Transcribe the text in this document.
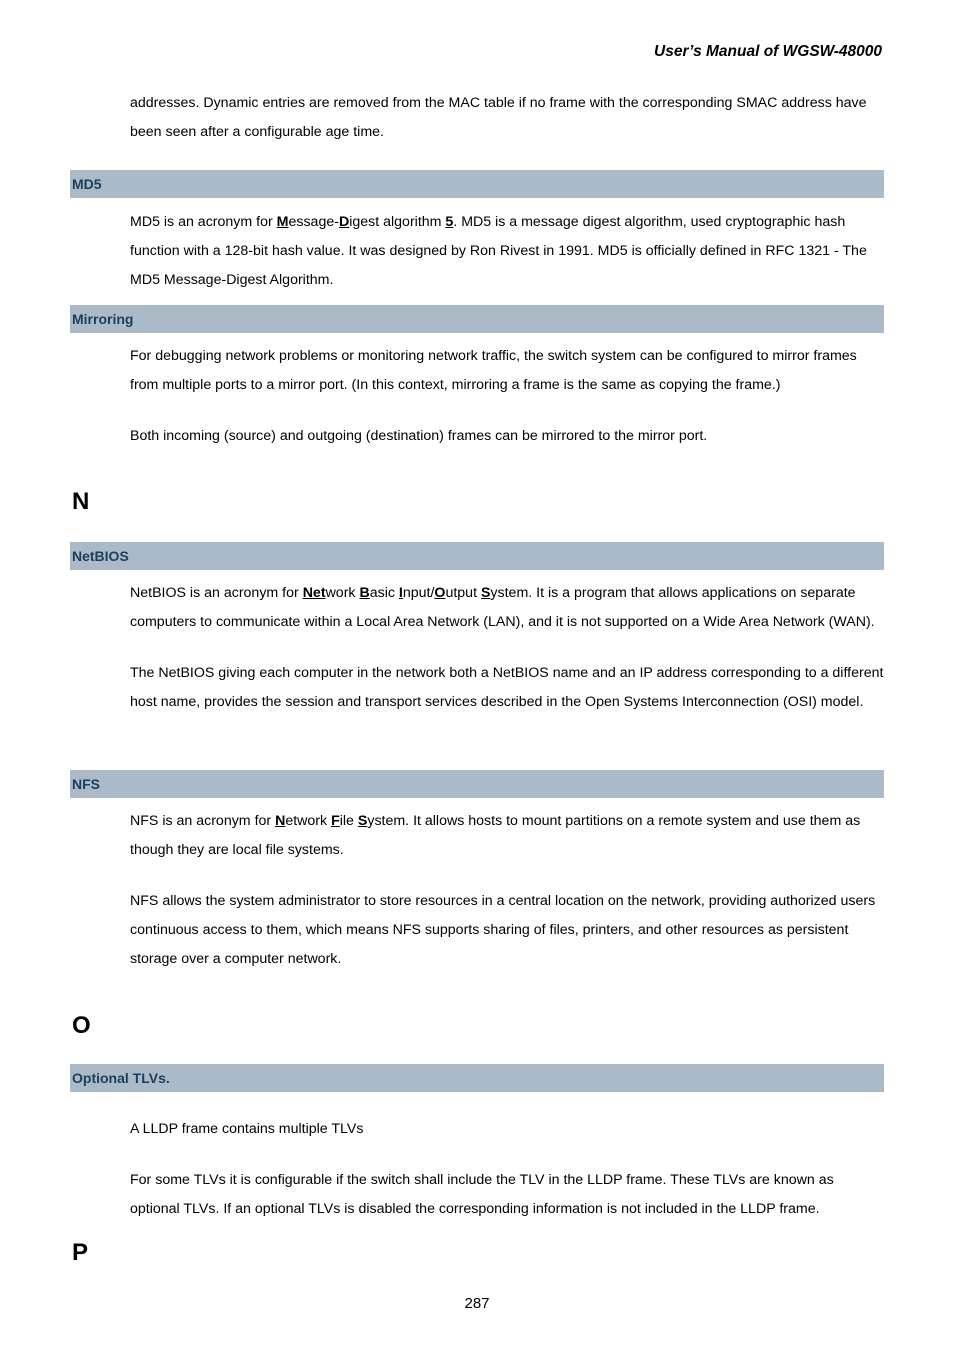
User’s Manual of WGSW-48000

addresses. Dynamic entries are removed from the MAC table if no frame with the corresponding SMAC address have been seen after a configurable age time.

MD5

MD5 is an acronym for Message-Digest algorithm 5. MD5 is a message digest algorithm, used cryptographic hash function with a 128-bit hash value. It was designed by Ron Rivest in 1991. MD5 is officially defined in RFC 1321 - The MD5 Message-Digest Algorithm.

Mirroring

For debugging network problems or monitoring network traffic, the switch system can be configured to mirror frames from multiple ports to a mirror port. (In this context, mirroring a frame is the same as copying the frame.)

Both incoming (source) and outgoing (destination) frames can be mirrored to the mirror port.

N
NetBIOS

NetBIOS is an acronym for Network Basic Input/Output System. It is a program that allows applications on separate computers to communicate within a Local Area Network (LAN), and it is not supported on a Wide Area Network (WAN).

The NetBIOS giving each computer in the network both a NetBIOS name and an IP address corresponding to a different host name, provides the session and transport services described in the Open Systems Interconnection (OSI) model.

NFS

NFS is an acronym for Network File System. It allows hosts to mount partitions on a remote system and use them as though they are local file systems.

NFS allows the system administrator to store resources in a central location on the network, providing authorized users continuous access to them, which means NFS supports sharing of files, printers, and other resources as persistent storage over a computer network.

O
Optional TLVs.

A LLDP frame contains multiple TLVs

For some TLVs it is configurable if the switch shall include the TLV in the LLDP frame. These TLVs are known as optional TLVs. If an optional TLVs is disabled the corresponding information is not included in the LLDP frame.

P
287
